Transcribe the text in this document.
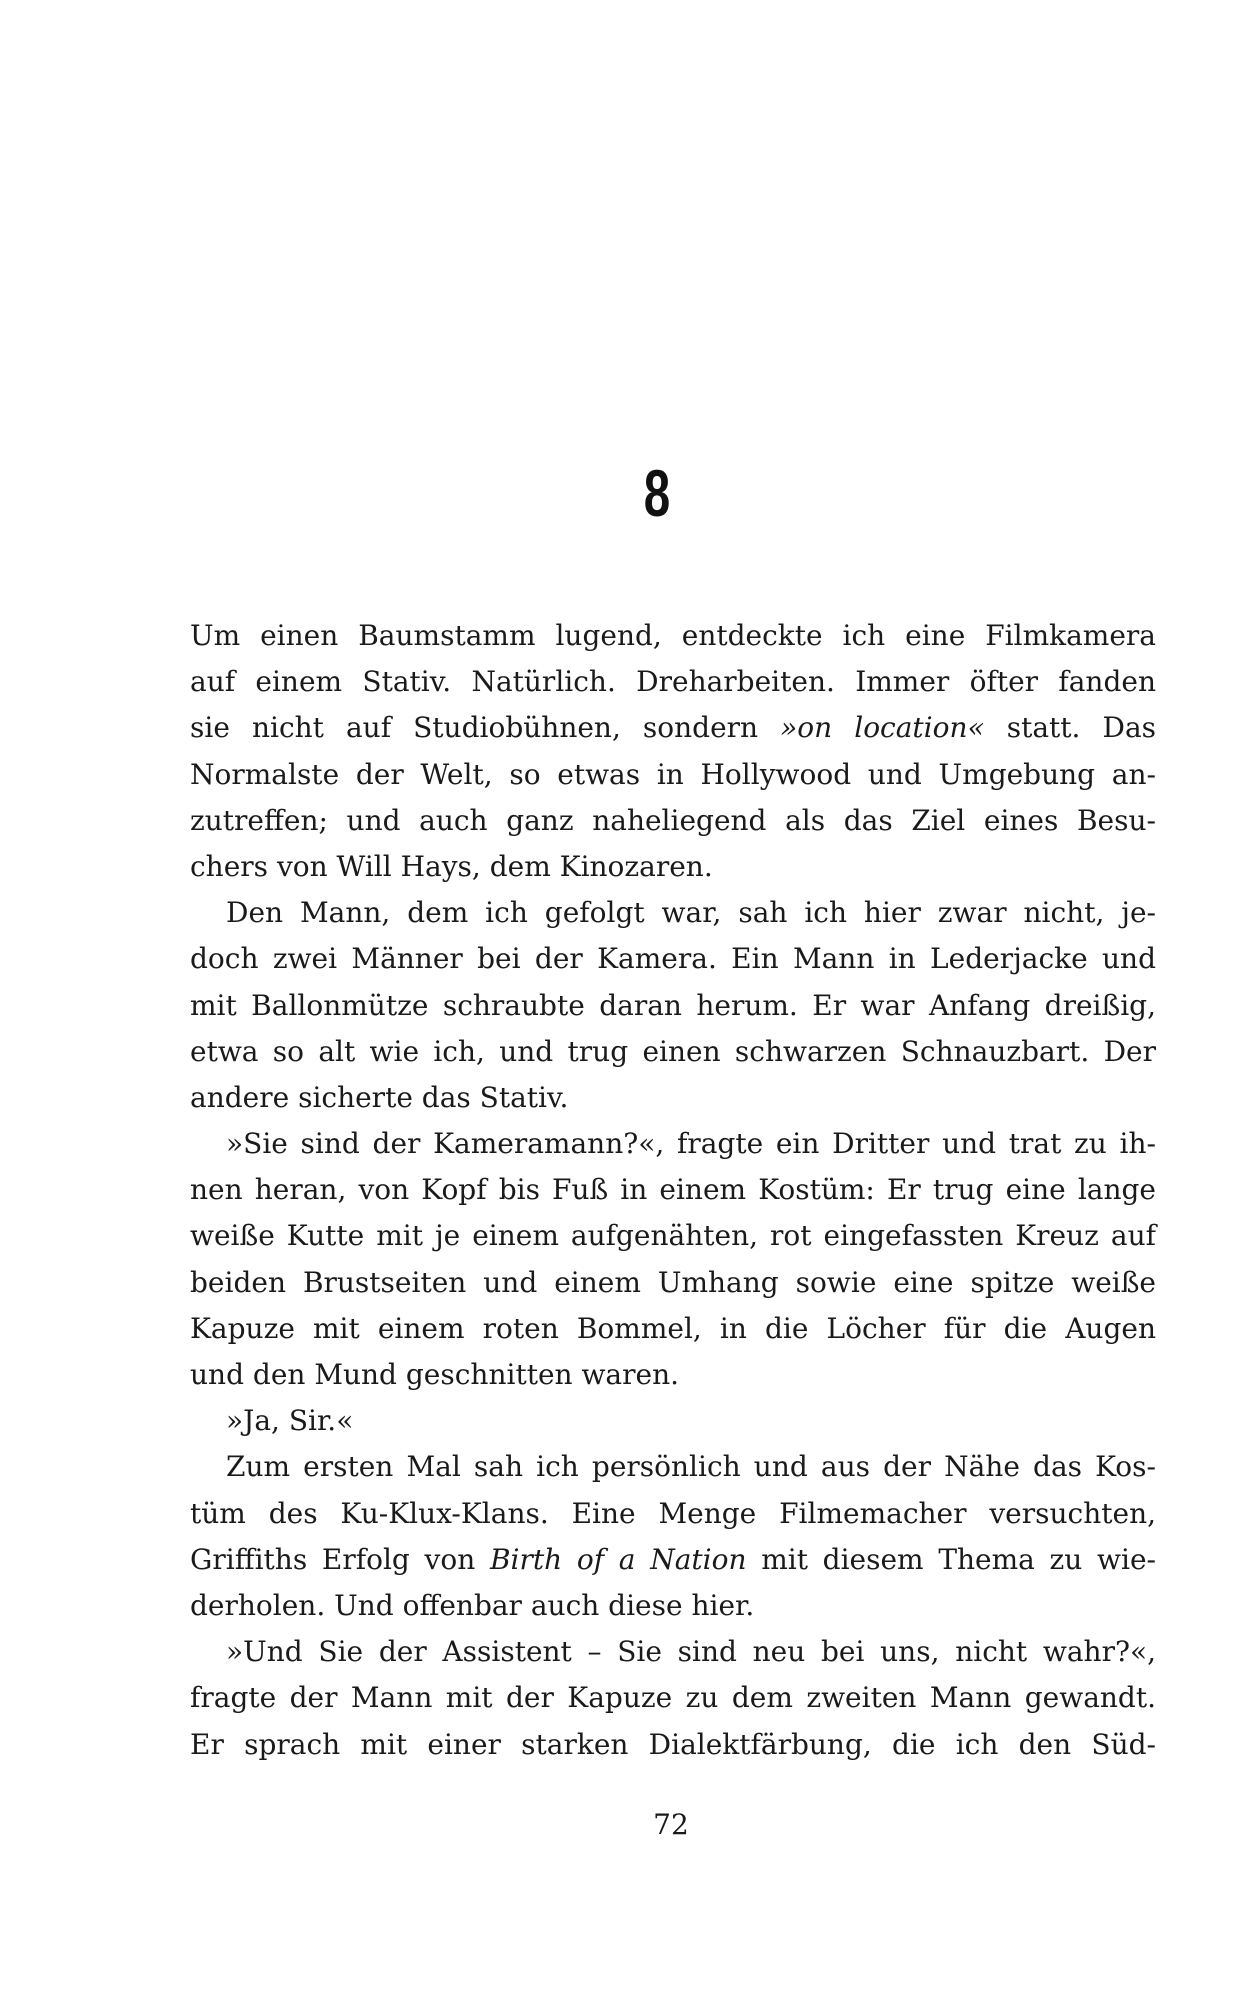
8
Um einen Baumstamm lugend, entdeckte ich eine Filmkamera
auf einem Stativ. Natürlich. Dreharbeiten. Immer öfter fanden
sie nicht auf Studiobühnen, sondern »on location« statt. Das
Normalste der Welt, so etwas in Hollywood und Umgebung an-
zutreffen; und auch ganz naheliegend als das Ziel eines Besu-
chers von Will Hays, dem Kinozaren.
Den Mann, dem ich gefolgt war, sah ich hier zwar nicht, je-
doch zwei Männer bei der Kamera. Ein Mann in Lederjacke und
mit Ballonmütze schraubte daran herum. Er war Anfang dreißig,
etwa so alt wie ich, und trug einen schwarzen Schnauzbart. Der
andere sicherte das Stativ.
»Sie sind der Kameramann?«, fragte ein Dritter und trat zu ih-
nen heran, von Kopf bis Fuß in einem Kostüm: Er trug eine lange
weiße Kutte mit je einem aufgenähten, rot eingefassten Kreuz auf
beiden Brustseiten und einem Umhang sowie eine spitze weiße
Kapuze mit einem roten Bommel, in die Löcher für die Augen
und den Mund geschnitten waren.
»Ja, Sir.«
Zum ersten Mal sah ich persönlich und aus der Nähe das Kos-
tüm des Ku-Klux-Klans. Eine Menge Filmemacher versuchten,
Griffiths Erfolg von Birth of a Nation mit diesem Thema zu wie-
derholen. Und offenbar auch diese hier.
»Und Sie der Assistent – Sie sind neu bei uns, nicht wahr?«,
fragte der Mann mit der Kapuze zu dem zweiten Mann gewandt.
Er sprach mit einer starken Dialektfärbung, die ich den Süd-
72
